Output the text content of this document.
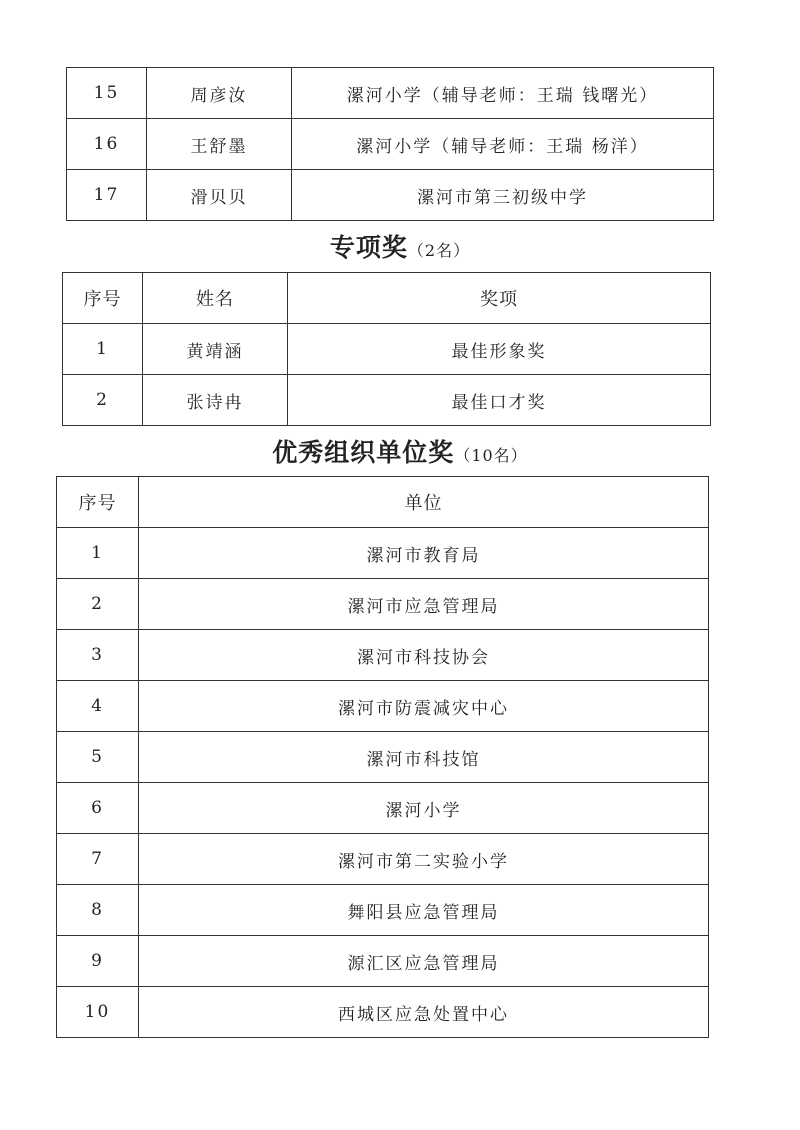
15	周彦汝	漯河小学（辅导老师：王瑞 钱曙光）
16	王舒墨	漯河小学（辅导老师：王瑞 杨洋）
17	滑贝贝	漯河市第三初级中学
专项奖（2名）
序号	姓名	奖项
1	黄靖涵	最佳形象奖
2	张诗冉	最佳口才奖
优秀组织单位奖（10名）
序号	单位
1	漯河市教育局
2	漯河市应急管理局
3	漯河市科技协会
4	漯河市防震减灾中心
5	漯河市科技馆
6	漯河小学
7	漯河市第二实验小学
8	舞阳县应急管理局
9	源汇区应急管理局
10	西城区应急处置中心
